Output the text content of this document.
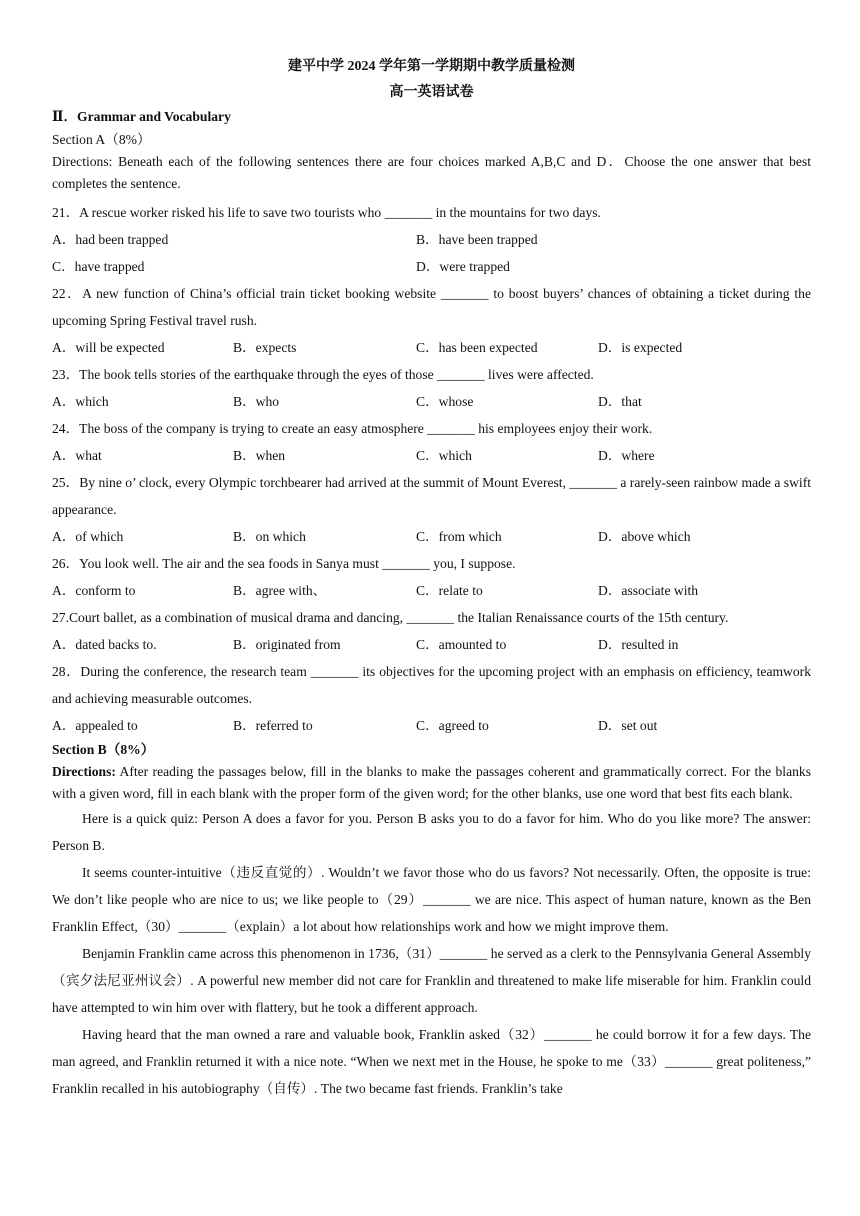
建平中学 2024 学年第一学期期中教学质量检测
高一英语试卷
Ⅱ．Grammar and Vocabulary
Section A（8%）
Directions: Beneath each of the following sentences there are four choices marked A,B,C and D．Choose the one answer that best completes the sentence.
21．A rescue worker risked his life to save two tourists who _______ in the mountains for two days.
A．had been trapped	B．have been trapped
C．have trapped	D．were trapped
22．A new function of China’s official train ticket booking website _______ to boost buyers’ chances of obtaining a ticket during the upcoming Spring Festival travel rush.
A．will be expected	B．expects	C．has been expected	D．is expected
23．The book tells stories of the earthquake through the eyes of those _______ lives were affected.
A．which	B．who	C．whose	D．that
24．The boss of the company is trying to create an easy atmosphere _______ his employees enjoy their work.
A．what	B．when	C．which	D．where
25．By nine o’ clock, every Olympic torchbearer had arrived at the summit of Mount Everest, _______ a rarely-seen rainbow made a swift appearance.
A．of which	B．on which	C．from which	D．above which
26．You look well. The air and the sea foods in Sanya must _______ you, I suppose.
A．conform to	B．agree with、	C．relate to	D．associate with
27.Court ballet, as a combination of musical drama and dancing, _______ the Italian Renaissance courts of the 15th century.
A．dated backs to.	B．originated from	C．amounted to	D．resulted in
28．During the conference, the research team _______ its objectives for the upcoming project with an emphasis on efficiency, teamwork and achieving measurable outcomes.
A．appealed to	B．referred to	C．agreed to	D．set out
Section B（8%）
Directions: After reading the passages below, fill in the blanks to make the passages coherent and grammatically correct. For the blanks with a given word, fill in each blank with the proper form of the given word; for the other blanks, use one word that best fits each blank.
Here is a quick quiz: Person A does a favor for you. Person B asks you to do a favor for him. Who do you like more? The answer: Person B.
It seems counter-intuitive（违反直觉的）. Wouldn’t we favor those who do us favors? Not necessarily. Often, the opposite is true: We don’t like people who are nice to us; we like people to（29）_______ we are nice. This aspect of human nature, known as the Ben Franklin Effect,（30）_______（explain）a lot about how relationships work and how we might improve them.
Benjamin Franklin came across this phenomenon in 1736,（31）_______ he served as a clerk to the Pennsylvania General Assembly（宾夕法尼亚州议会）. A powerful new member did not care for Franklin and threatened to make life miserable for him. Franklin could have attempted to win him over with flattery, but he took a different approach.
Having heard that the man owned a rare and valuable book, Franklin asked（32）_______ he could borrow it for a few days. The man agreed, and Franklin returned it with a nice note. “When we next met in the House, he spoke to me（33）_______ great politeness,” Franklin recalled in his autobiography（自传）. The two became fast friends. Franklin’s take
